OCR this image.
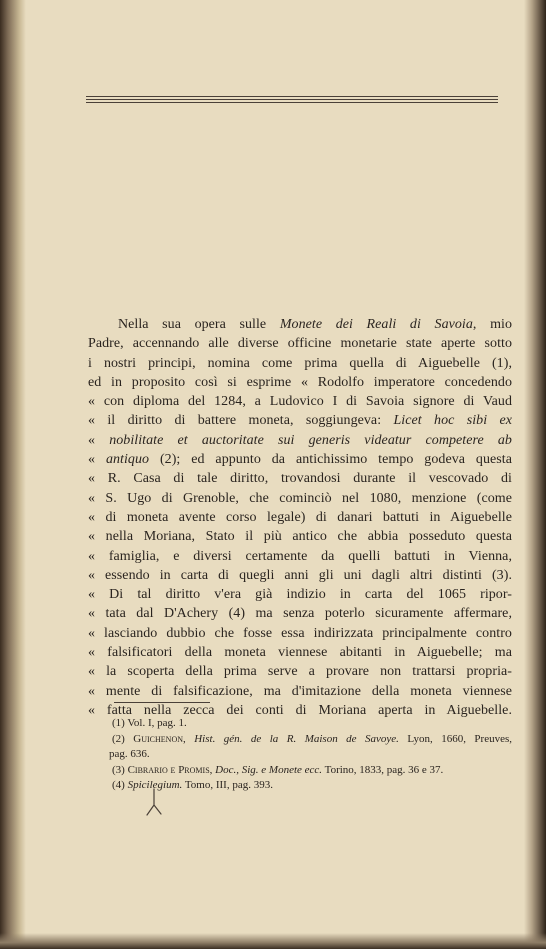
Nella sua opera sulle Monete dei Reali di Savoia, mio
Padre, accennando alle diverse officine monetarie state aperte sotto
i nostri principi, nomina come prima quella di Aiguebelle (1),
ed in proposito così si esprime « Rodolfo imperatore concedendo
« con diploma del 1284, a Ludovico I di Savoia signore di Vaud
« il diritto di battere moneta, soggiungeva: Licet hoc sibi ex
« nobilitate et auctoritate sui generis videatur competere ab
« antiquo (2); ed appunto da antichissimo tempo godeva questa
« R. Casa di tale diritto, trovandosi durante il vescovado di
« S. Ugo di Grenoble, che cominciò nel 1080, menzione (come
« di moneta avente corso legale) di danari battuti in Aiguebelle
« nella Moriana, Stato il più antico che abbia posseduto questa
« famiglia, e diversi certamente da quelli battuti in Vienna,
« essendo in carta di quegli anni gli uni dagli altri distinti (3).
« Di tal diritto v'era già indizio in carta del 1065 ripor-
« tata dal D'Achery (4) ma senza poterlo sicuramente affermare,
« lasciando dubbio che fosse essa indirizzata principalmente contro
« falsificatori della moneta viennese abitanti in Aiguebelle; ma
« la scoperta della prima serve a provare non trattarsi propria-
« mente di falsificazione, ma d'imitazione della moneta viennese
« fatta nella zecca dei conti di Moriana aperta in Aiguebelle.
(1) Vol. I, pag. 1.
(2) Guichenon, Hist. gén. de la R. Maison de Savoye. Lyon, 1660, Preuves,
pag. 636.
(3) Cibrario e Promis, Doc., Sig. e Monete ecc. Torino, 1833, pag. 36 e 37.
(4) Spicilegium. Tomo, III, pag. 393.
